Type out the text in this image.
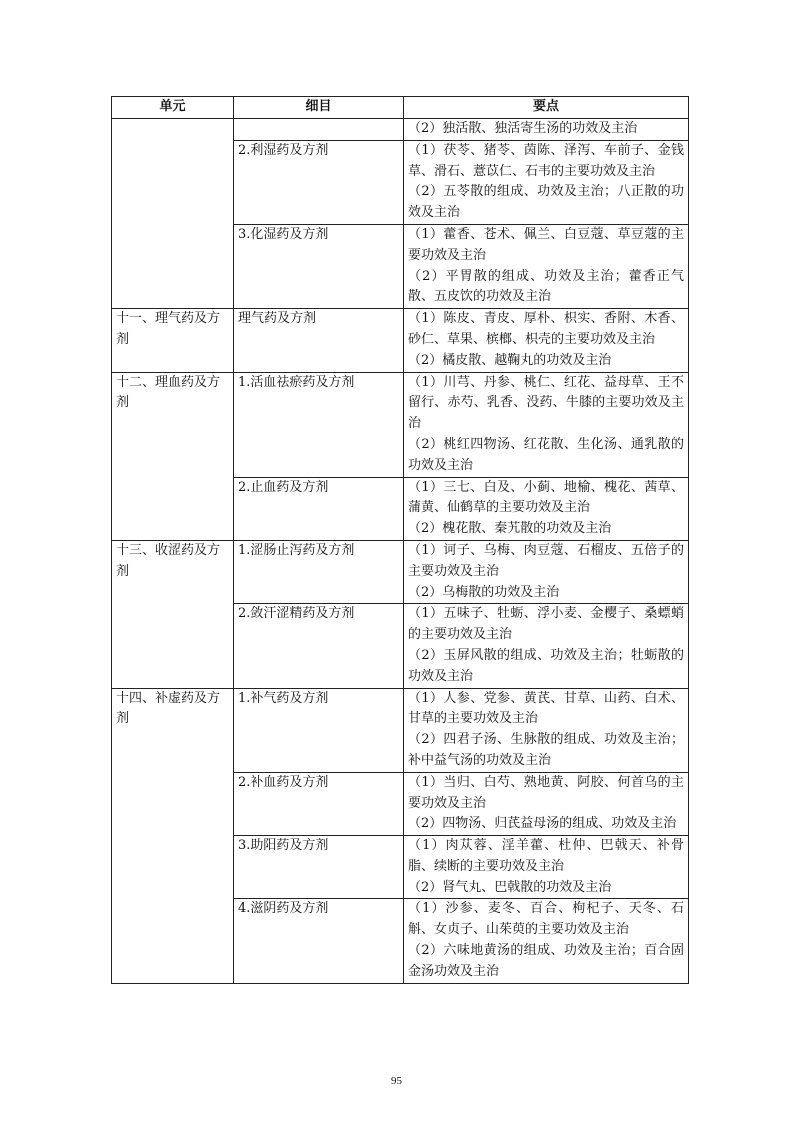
单元	细目	要点

		（2）独活散、独活寄生汤的功效及主治

	2.利湿药及方剂	（1）茯苓、猪苓、茵陈、泽泻、车前子、金钱草、滑石、薏苡仁、石韦的主要功效及主治
（2）五苓散的组成、功效及主治；八正散的功效及主治

	3.化湿药及方剂	（1）藿香、苍术、佩兰、白豆蔻、草豆蔻的主要功效及主治
（2）平胃散的组成、功效及主治；藿香正气散、五皮饮的功效及主治

十一、理气药及方剂	理气药及方剂	（1）陈皮、青皮、厚朴、枳实、香附、木香、砂仁、草果、槟榔、枳壳的主要功效及主治
（2）橘皮散、越鞠丸的功效及主治

十二、理血药及方剂	1.活血祛瘀药及方剂	（1）川芎、丹参、桃仁、红花、益母草、王不留行、赤芍、乳香、没药、牛膝的主要功效及主治
（2）桃红四物汤、红花散、生化汤、通乳散的功效及主治

	2.止血药及方剂	（1）三七、白及、小蓟、地榆、槐花、茜草、蒲黄、仙鹤草的主要功效及主治
（2）槐花散、秦艽散的功效及主治

十三、收涩药及方剂	1.涩肠止泻药及方剂	（1）诃子、乌梅、肉豆蔻、石榴皮、五倍子的主要功效及主治
（2）乌梅散的功效及主治

	2.敛汗涩精药及方剂	（1）五味子、牡蛎、浮小麦、金樱子、桑螵蛸的主要功效及主治
（2）玉屏风散的组成、功效及主治；牡蛎散的功效及主治

十四、补虚药及方剂	1.补气药及方剂	（1）人参、党参、黄芪、甘草、山药、白术、甘草的主要功效及主治
（2）四君子汤、生脉散的组成、功效及主治；补中益气汤的功效及主治

	2.补血药及方剂	（1）当归、白芍、熟地黄、阿胶、何首乌的主要功效及主治
（2）四物汤、归芪益母汤的组成、功效及主治

	3.助阳药及方剂	（1）肉苁蓉、淫羊藿、杜仲、巴戟天、补骨脂、续断的主要功效及主治
（2）肾气丸、巴戟散的功效及主治

	4.滋阴药及方剂	（1）沙参、麦冬、百合、枸杞子、天冬、石斛、女贞子、山茱萸的主要功效及主治
（2）六味地黄汤的组成、功效及主治；百合固金汤功效及主治
95
